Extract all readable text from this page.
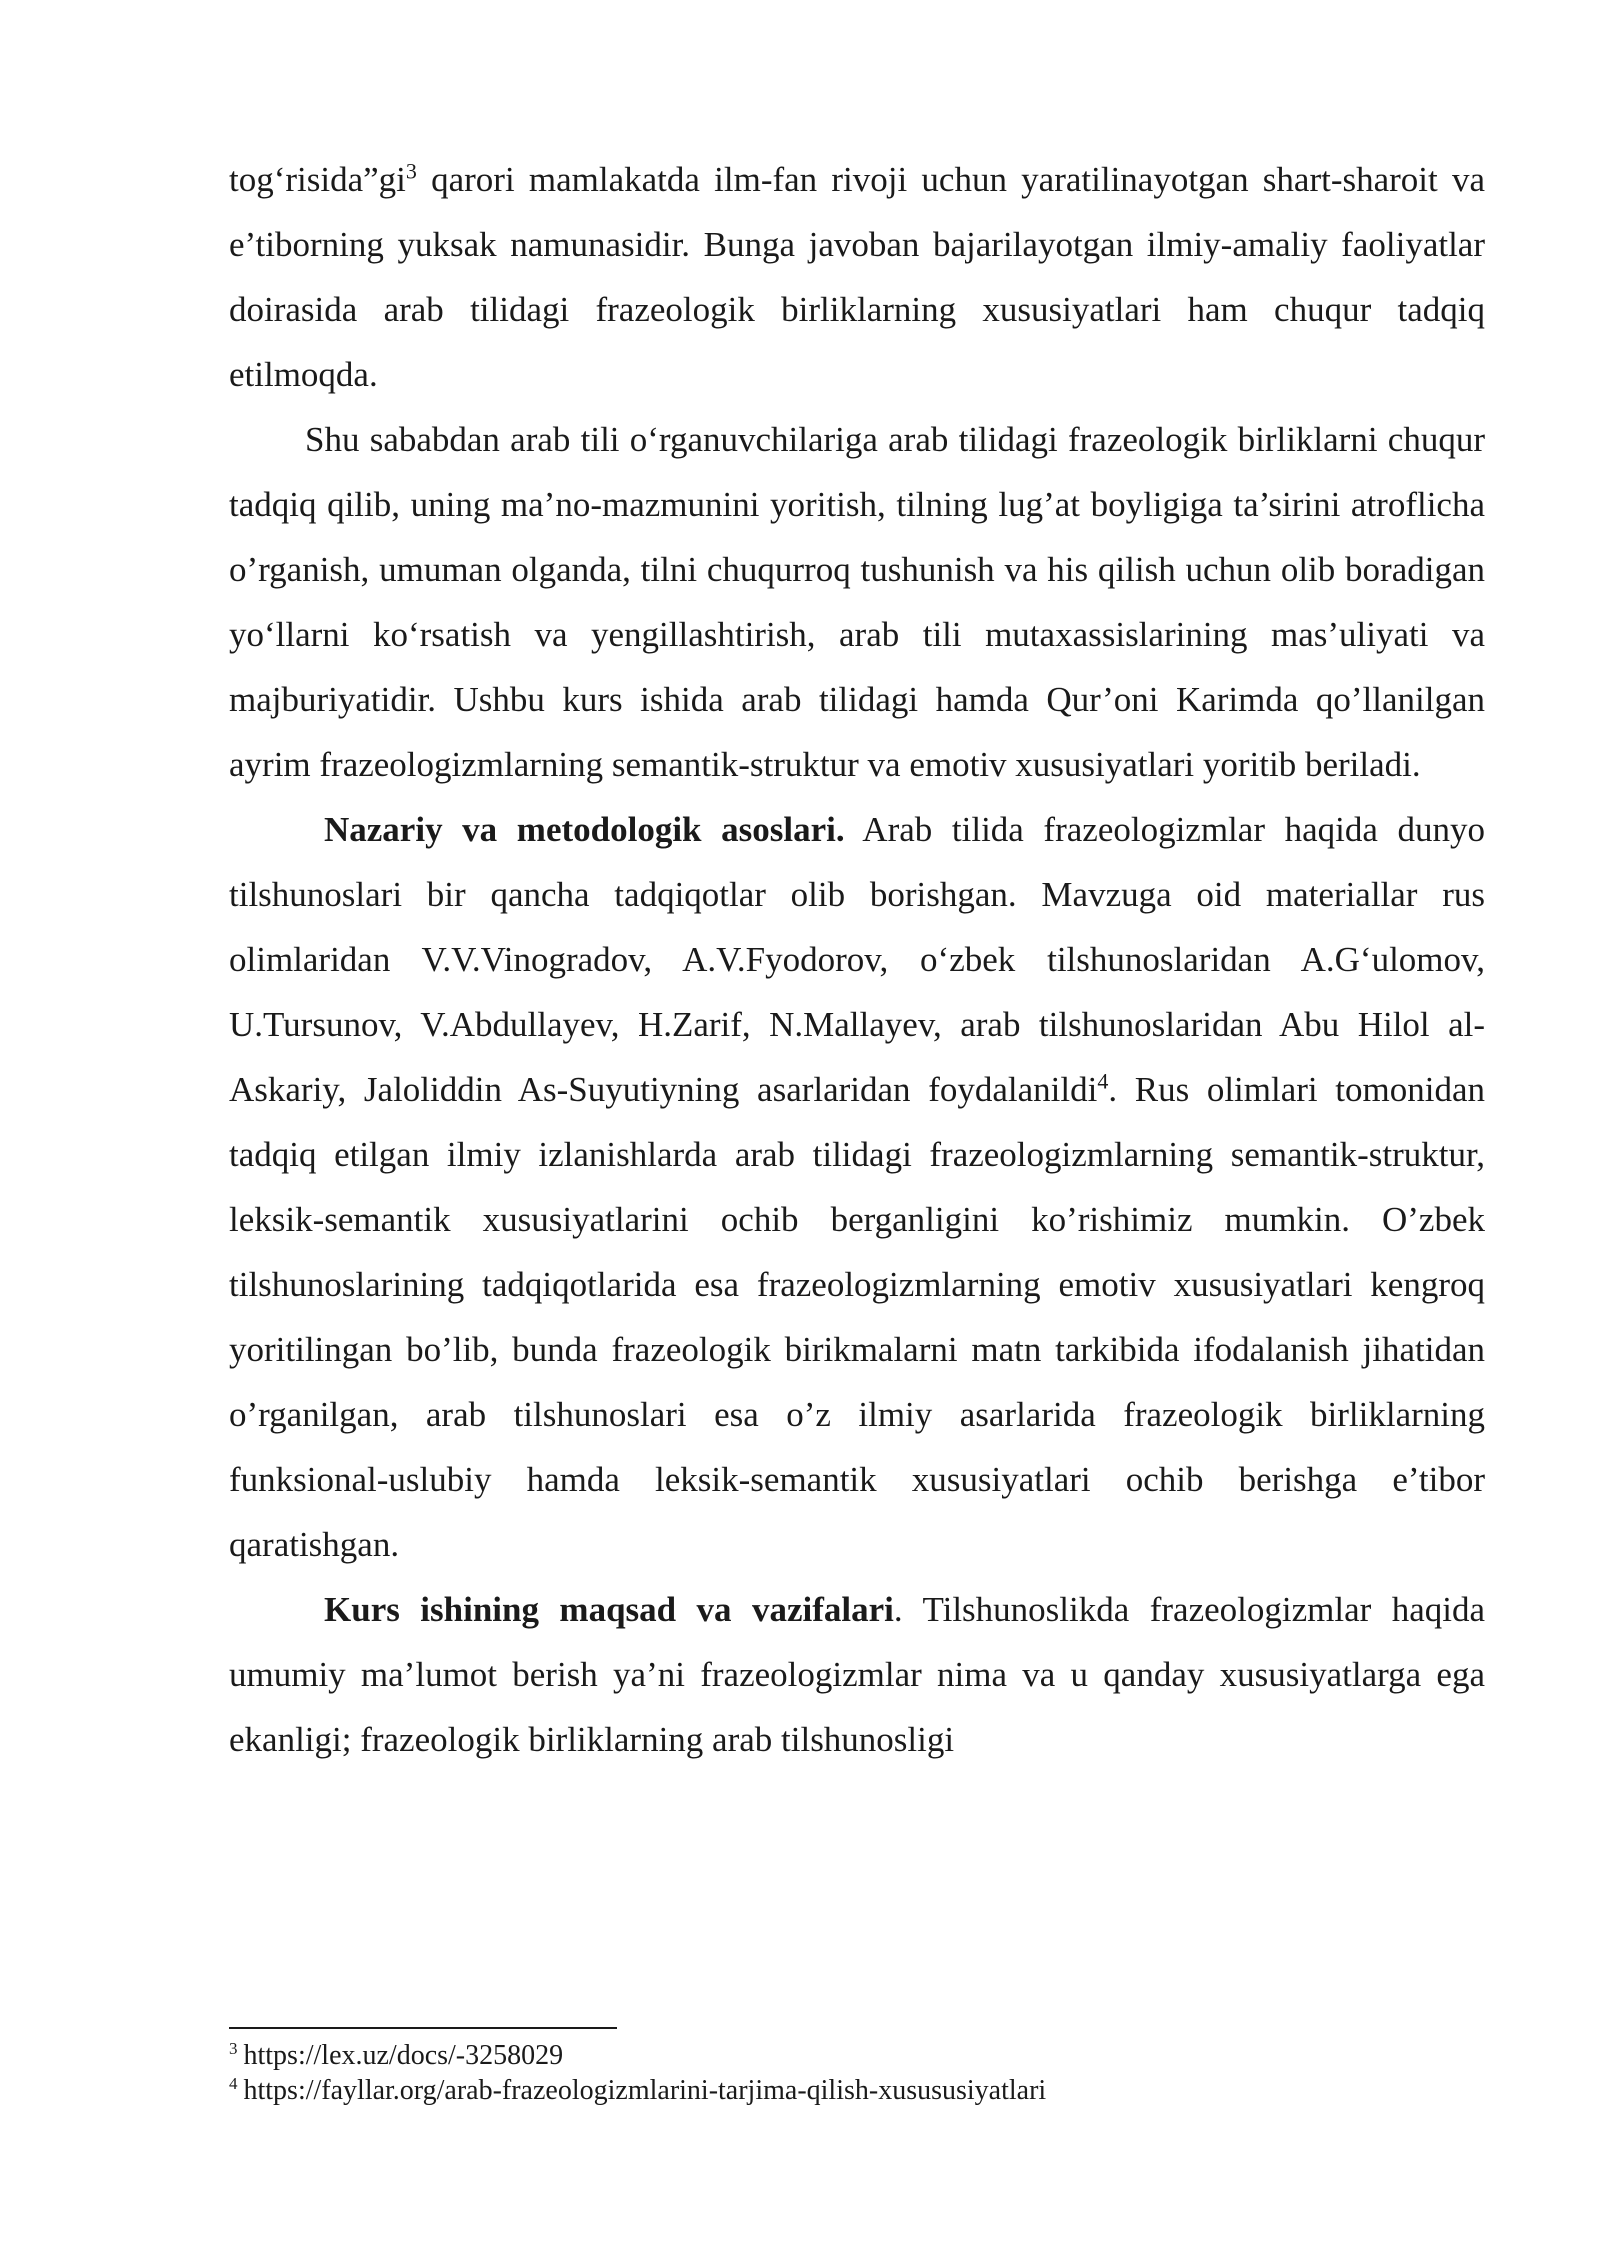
$tog‘risida”gi^3$ qarori mamlakatda ilm-fan rivoji uchun yaratilinayotgan shart-sharoit va e’tiborning yuksak namunasidir. Bunga javoban bajarilayotgan ilmiy-amaliy faoliyatlar doirasida arab tilidagi frazeologik birliklarning xususiyatlari ham chuqur tadqiq etilmoqda.

Shu sababdan arab tili o‘rganuvchilariga arab tilidagi frazeologik birliklarni chuqur tadqiq qilib, uning ma’no-mazmunini yoritish, tilning lug’at boyligiga ta’sirini atroflicha o’rganish, umuman olganda, tilni chuqurroq tushunish va his qilish uchun olib boradigan yo‘llarni ko‘rsatish va yengillashtirish, arab tili mutaxassislarining mas’uliyati va majburiyatidir. Ushbu kurs ishida arab tilidagi hamda Qur’oni Karimda qo’llanilgan ayrim frazeologizmlarning semantik-struktur va emotiv xususiyatlari yoritib beriladi.

Nazariy va metodologik asoslari. Arab tilida frazeologizmlar haqida dunyo tilshunoslari bir qancha tadqiqotlar olib borishgan. Mavzuga oid materiallar rus olimlaridan V.V.Vinogradov, A.V.Fyodorov, o‘zbek tilshunoslaridan A.G‘ulomov, U.Tursunov, V.Abdullayev, H.Zarif, N.Mallayev, arab tilshunoslaridan Abu Hilol al-Askariy, Jaloliddin As-Suyutiyning asarlaridan foydalanildi$^4$. Rus olimlari tomonidan tadqiq etilgan ilmiy izlanishlarda arab tilidagi frazeologizmlarning semantik-struktur, leksik-semantik xususiyatlarini ochib berganligini ko’rishimiz mumkin. O’zbek tilshunoslarining tadqiqotlarida esa frazeologizmlarning emotiv xususiyatlari kengroq yoritilingan bo’lib, bunda frazeologik birikmalarni matn tarkibida ifodalanish jihatidan o’rganilgan, arab tilshunoslari esa o’z ilmiy asarlarida frazeologik birliklarning funksional-uslubiy hamda leksik-semantik xususiyatlari ochib berishga e’tibor qaratishgan.

Kurs ishining maqsad va vazifalari. Tilshunoslikda frazeologizmlar haqida umumiy ma’lumot berish ya’ni frazeologizmlar nima va u qanday xususiyatlarga ega ekanligi; frazeologik birliklarning arab tilshunosligi

$^3$ https://lex.uz/docs/-3258029

$^4$ https://fayllar.org/arab-frazeologizmlarini-tarjima-qilish-xusususiyatlari
